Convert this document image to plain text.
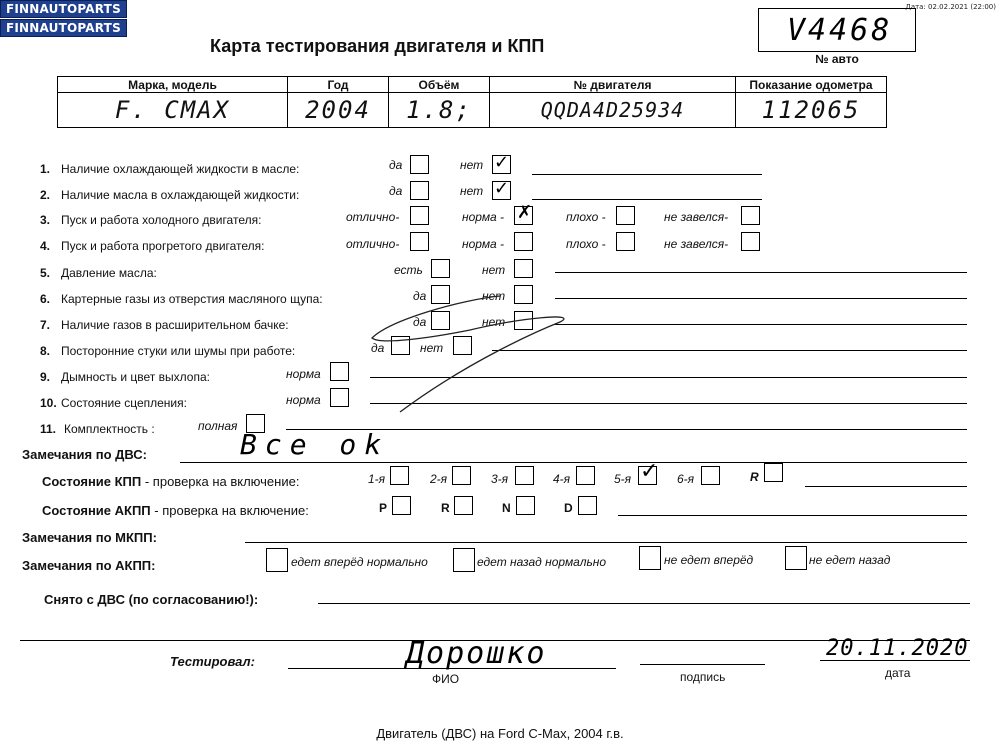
FINNAUTOPARTS
FINNAUTOPARTS
Дата: 02.02.2021 (22:00)
Карта тестирования двигателя и КПП	V4468
№ авто
Марка, модель	Год	Объём	№ двигателя	Показание одометра
F. CMAX	2004	1.8;	QQDA4D25934	112065
1. Наличие охлаждающей жидкости в масле:	да	нет ✓
2. Наличие масла в охлаждающей жидкости:	да	нет ✓
3. Пуск и работа холодного двигателя:	отлично-	норма - ✗	плохо -	не завелся-
4. Пуск и работа прогретого двигателя:	отлично-	норма -	плохо -	не завелся-
5. Давление масла:	есть	нет
6. Картерные газы из отверстия масляного щупа:	да	нет
7. Наличие газов в расширительном бачке:	да	нет
8. Посторонние стуки или шумы при работе:	да	нет
9. Дымность и цвет выхлопа:	норма
10. Состояние сцепления:	норма
11. Комплектность :	полная
Замечания по ДВС:	Все ok
Состояние КПП - проверка на включение:	1-я	2-я	3-я	4-я	5-я ✓ 6-я	R
Состояние АКПП - проверка на включение:	P	R	N	D
Замечания по МКПП:
Замечания по АКПП:	едет вперёд нормально	едет назад нормально	не едет вперёд	не едет назад
Снято с ДВС (по согласованию!):
Тестировал:	Дорошко
ФИО	подпись
20.11.2020
дата
Двигатель (ДВС) на Ford C-Max, 2004 г.в.
